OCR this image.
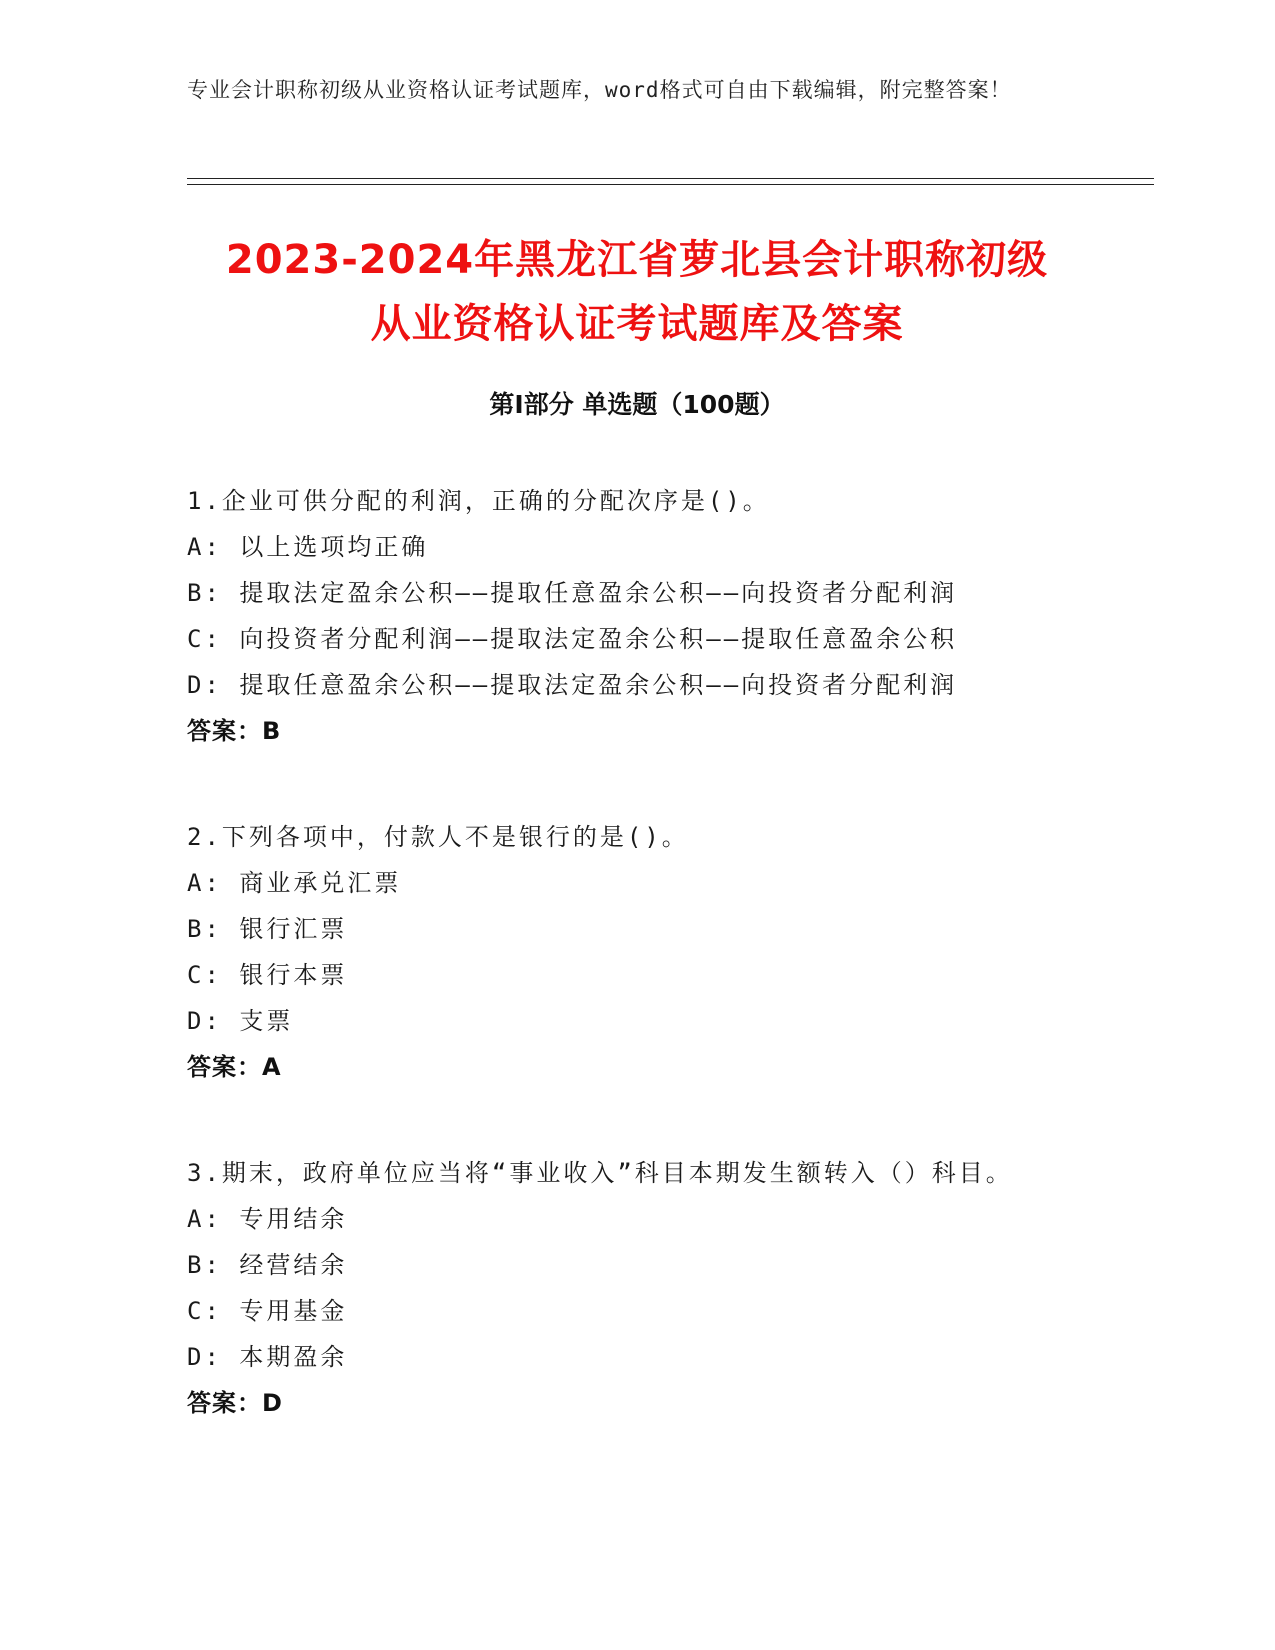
专业会计职称初级从业资格认证考试题库，word格式可自由下载编辑，附完整答案！
2023-2024年黑龙江省萝北县会计职称初级
从业资格认证考试题库及答案
第Ⅰ部分 单选题（100题）
1.企业可供分配的利润，正确的分配次序是()。
A: 以上选项均正确
B: 提取法定盈余公积——提取任意盈余公积——向投资者分配利润
C: 向投资者分配利润——提取法定盈余公积——提取任意盈余公积
D: 提取任意盈余公积——提取法定盈余公积——向投资者分配利润
答案：B
2.下列各项中，付款人不是银行的是()。
A: 商业承兑汇票
B: 银行汇票
C: 银行本票
D: 支票
答案：A
3.期末，政府单位应当将“事业收入”科目本期发生额转入（）科目。
A: 专用结余
B: 经营结余
C: 专用基金
D: 本期盈余
答案：D
